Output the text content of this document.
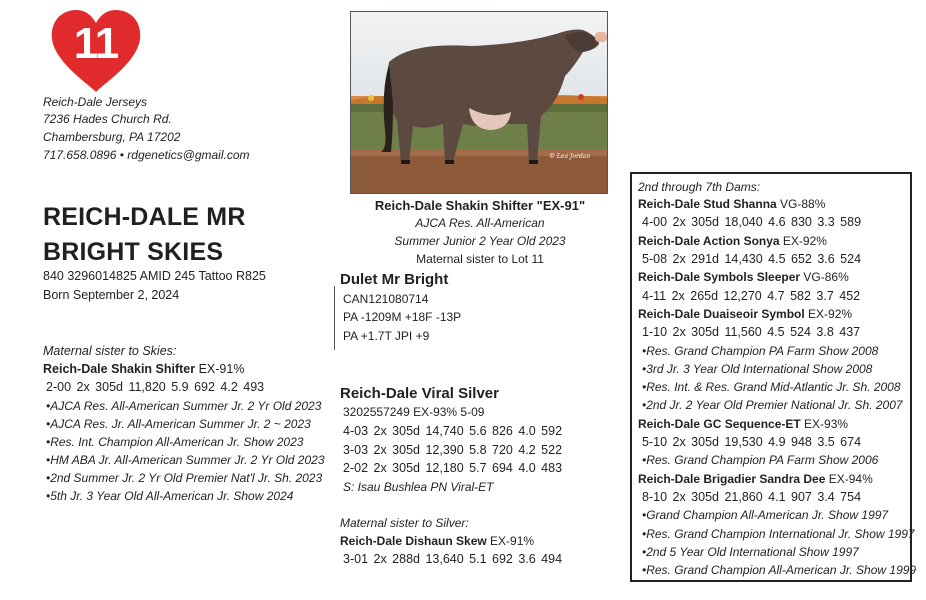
11
Reich-Dale Jerseys
7236 Hades Church Rd.
Chambersburg, PA 17202
717.658.0896 • rdgenetics@gmail.com
REICH-DALE MR
BRIGHT SKIES
840 3296014825 AMID 245 Tattoo R825
Born September 2, 2024
Maternal sister to Skies:
Reich-Dale Shakin Shifter EX-91%
2-00 2x 305d 11,820 5.9 692 4.2 493
•AJCA Res. All-American Summer Jr. 2 Yr Old 2023
•AJCA Res. Jr. All-American Summer Jr. 2 ~ 2023
•Res. Int. Champion All-American Jr. Show 2023
•HM ABA Jr. All-American Summer Jr. 2 Yr Old 2023
•2nd Summer Jr. 2 Yr Old Premier Nat'l Jr. Sh. 2023
•5th Jr. 3 Year Old All-American Jr. Show 2024
© Lea Jordan
Reich-Dale Shakin Shifter "EX-91"
AJCA Res. All-American
Summer Junior 2 Year Old 2023
Maternal sister to Lot 11
Dulet Mr Bright
CAN121080714
PA -1209M +18F -13P
PA +1.7T JPI +9
Reich-Dale Viral Silver
3202557249 EX-93% 5-09
4-03 2x 305d 14,740 5.6 826 4.0 592
3-03 2x 305d 12,390 5.8 720 4.2 522
2-02 2x 305d 12,180 5.7 694 4.0 483
S: Isau Bushlea PN Viral-ET
Maternal sister to Silver:
Reich-Dale Dishaun Skew EX-91%
3-01 2x 288d 13,640 5.1 692 3.6 494
2nd through 7th Dams:
Reich-Dale Stud Shanna VG-88%
4-00 2x 305d 18,040 4.6 830 3.3 589
Reich-Dale Action Sonya EX-92%
5-08 2x 291d 14,430 4.5 652 3.6 524
Reich-Dale Symbols Sleeper VG-86%
4-11 2x 265d 12,270 4.7 582 3.7 452
Reich-Dale Duaiseoir Symbol EX-92%
1-10 2x 305d 11,560 4.5 524 3.8 437
•Res. Grand Champion PA Farm Show 2008
•3rd Jr. 3 Year Old International Show 2008
•Res. Int. & Res. Grand Mid-Atlantic Jr. Sh. 2008
•2nd Jr. 2 Year Old Premier National Jr. Sh. 2007
Reich-Dale GC Sequence-ET EX-93%
5-10 2x 305d 19,530 4.9 948 3.5 674
•Res. Grand Champion PA Farm Show 2006
Reich-Dale Brigadier Sandra Dee EX-94%
8-10 2x 305d 21,860 4.1 907 3.4 754
•Grand Champion All-American Jr. Show 1997
•Res. Grand Champion International Jr. Show 1997
•2nd 5 Year Old International Show 1997
•Res. Grand Champion All-American Jr. Show 1999
